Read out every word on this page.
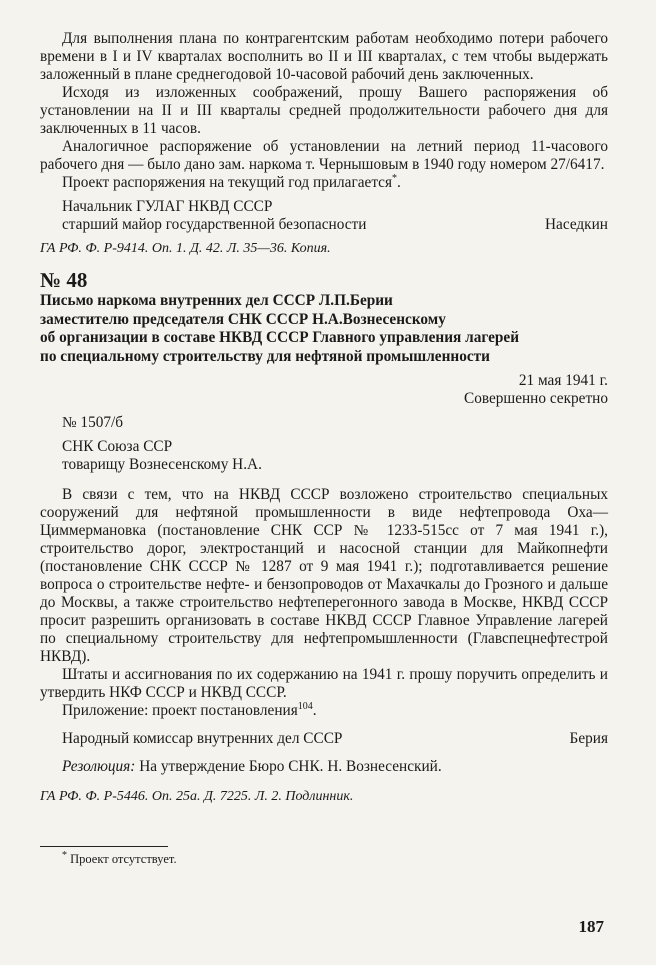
Для выполнения плана по контрагентским работам необходимо потери рабочего времени в I и IV кварталах восполнить во II и III кварталах, с тем чтобы выдержать заложенный в плане среднегодовой 10-часовой рабочий день заключенных.

Исходя из изложенных соображений, прошу Вашего распоряжения об установлении на II и III кварталы средней продолжительности рабочего дня для заключенных в 11 часов.

Аналогичное распоряжение об установлении на летний период 11-часового рабочего дня — было дано зам. наркома т. Чернышовым в 1940 году номером 27/6417.

Проект распоряжения на текущий год прилагается*.

Начальник ГУЛАГ НКВД СССР
старший майор государственной безопасности	Наседкин
ГА РФ. Ф. Р-9414. Оп. 1. Д. 42. Л. 35—36. Копия.
№ 48
Письмо наркома внутренних дел СССР Л.П.Берии
заместителю председателя СНК СССР Н.А.Вознесенскому
об организации в составе НКВД СССР Главного управления лагерей
по специальному строительству для нефтяной промышленности
21 мая 1941 г.
Совершенно секретно
№ 1507/б
СНК Союза ССР
товарищу Вознесенскому Н.А.

В связи с тем, что на НКВД СССР возложено строительство специальных сооружений для нефтяной промышленности в виде нефтепровода Оха—Циммермановка (постановление СНК ССР № 1233-515сс от 7 мая 1941 г.), строительство дорог, электростанций и насосной станции для Майкопнефти (постановление СНК СССР № 1287 от 9 мая 1941 г.); подготавливается решение вопроса о строительстве нефте- и бензопроводов от Махачкалы до Грозного и дальше до Москвы, а также строительство нефтеперегонного завода в Москве, НКВД СССР просит разрешить организовать в составе НКВД СССР Главное Управление лагерей по специальному строительству для нефтепромышленности (Главспецнефтестрой НКВД).

Штаты и ассигнования по их содержанию на 1941 г. прошу поручить определить и утвердить НКФ СССР и НКВД СССР.

Приложение: проект постановления$^{104}$.

Народный комиссар внутренних дел СССР	Берия

Резолюция: На утверждение Бюро СНК. Н. Вознесенский.

ГА РФ. Ф. Р-5446. Оп. 25а. Д. 7225. Л. 2. Подлинник.
* Проект отсутствует.
187
